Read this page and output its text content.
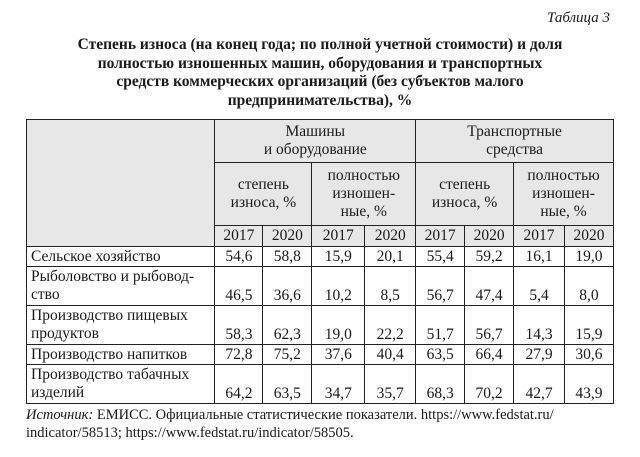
Таблица 3
Степень износа (на конец года; по полной учетной стоимости) и доля
полностью изношенных машин, оборудования и транспортных
средств коммерческих организаций (без субъектов малого
предпринимательства), %
	Машины
и оборудование				Транспортные
средства			
	степень
износа, %		полностью
изношен-
ные, %		степень
износа, %		полностью
изношен-
ные, %	
	2017	2020	2017	2020	2017	2020	2017	2020
Сельское хозяйство	54,6	58,8	15,9	20,1	55,4	59,2	16,1	19,0
Рыболовство и рыбовод-
ство	46,5	36,6	10,2	8,5	56,7	47,4	5,4	8,0
Производство пищевых
продуктов	58,3	62,3	19,0	22,2	51,7	56,7	14,3	15,9
Производство напитков	72,8	75,2	37,6	40,4	63,5	66,4	27,9	30,6
Производство табачных
изделий	64,2	63,5	34,7	35,7	68,3	70,2	42,7	43,9
Источник: ЕМИСС. Официальные статистические показатели. https://www.fedstat.ru/
indicator/58513; https://www.fedstat.ru/indicator/58505.
